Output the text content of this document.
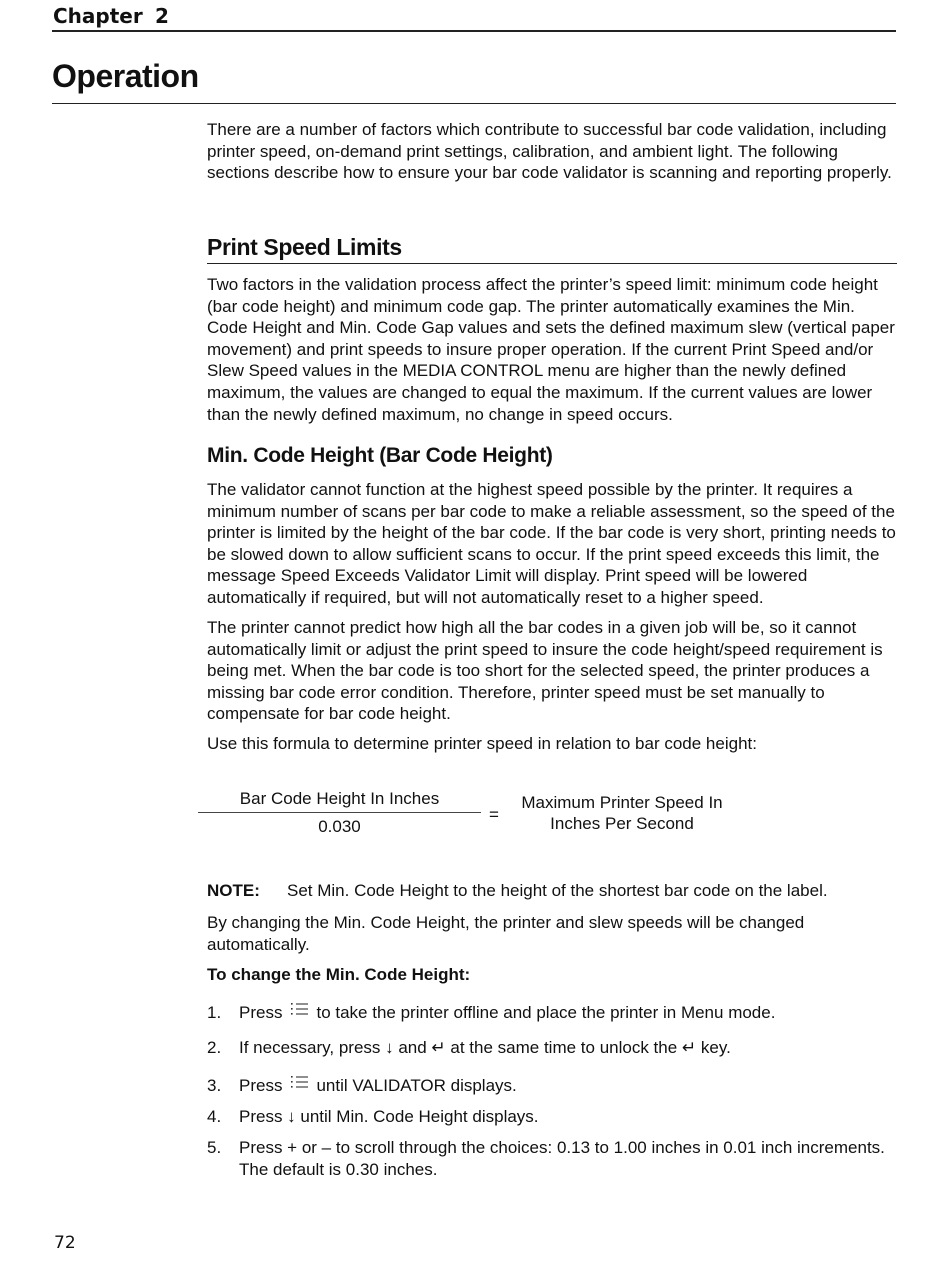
Chapter 2
Operation
There are a number of factors which contribute to successful bar code validation, including printer speed, on-demand print settings, calibration, and ambient light. The following sections describe how to ensure your bar code validator is scanning and reporting properly.
Print Speed Limits
Two factors in the validation process affect the printer’s speed limit: minimum code height (bar code height) and minimum code gap. The printer automatically examines the Min. Code Height and Min. Code Gap values and sets the defined maximum slew (vertical paper movement) and print speeds to insure proper operation. If the current Print Speed and/or Slew Speed values in the MEDIA CONTROL menu are higher than the newly defined maximum, the values are changed to equal the maximum. If the current values are lower than the newly defined maximum, no change in speed occurs.
Min. Code Height (Bar Code Height)
The validator cannot function at the highest speed possible by the printer. It requires a minimum number of scans per bar code to make a reliable assessment, so the speed of the printer is limited by the height of the bar code. If the bar code is very short, printing needs to be slowed down to allow sufficient scans to occur. If the print speed exceeds this limit, the message Speed Exceeds Validator Limit will display. Print speed will be lowered automatically if required, but will not automatically reset to a higher speed.
The printer cannot predict how high all the bar codes in a given job will be, so it cannot automatically limit or adjust the print speed to insure the code height/speed requirement is being met. When the bar code is too short for the selected speed, the printer produces a missing bar code error condition. Therefore, printer speed must be set manually to compensate for bar code height.
Use this formula to determine printer speed in relation to bar code height:
Bar Code Height In Inches
0.030
=
Maximum Printer Speed In
Inches Per Second
NOTE: Set Min. Code Height to the height of the shortest bar code on the label.
By changing the Min. Code Height, the printer and slew speeds will be changed automatically.
To change the Min. Code Height:
1. Press to take the printer offline and place the printer in Menu mode.
2. If necessary, press ↓ and ↵ at the same time to unlock the ↵ key.
3. Press until VALIDATOR displays.
4. Press ↓ until Min. Code Height displays.
5. Press + or – to scroll through the choices: 0.13 to 1.00 inches in 0.01 inch increments. The default is 0.30 inches.
72
